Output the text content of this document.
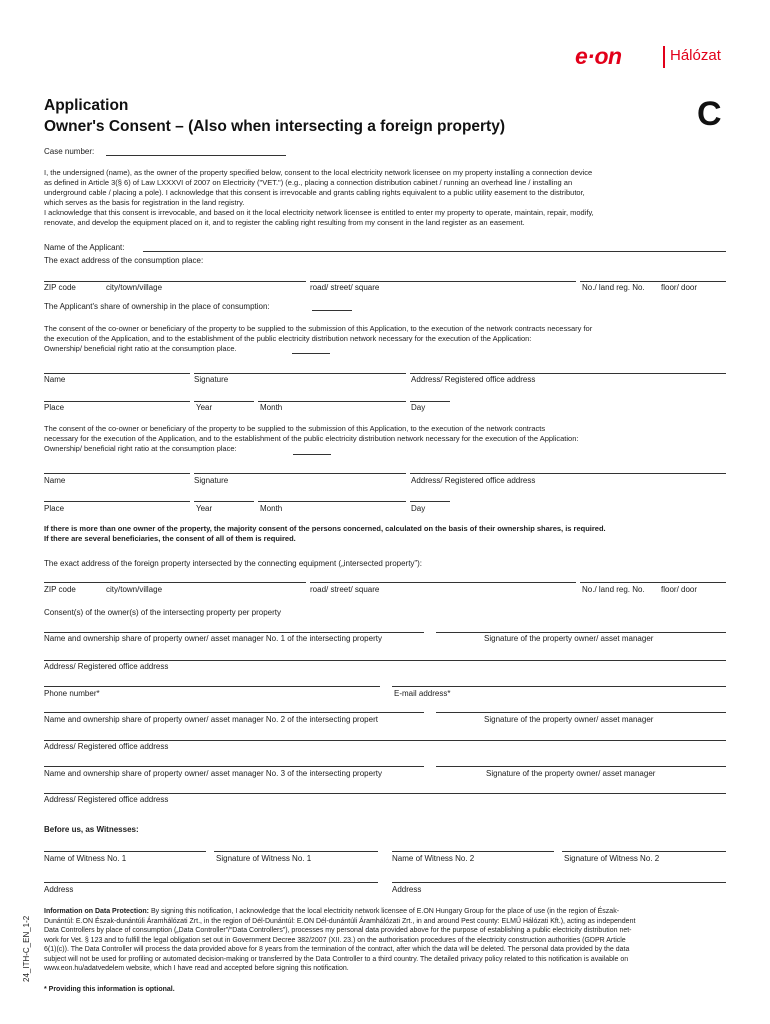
e·on	Hálózat
Application
Owner's Consent – (Also when intersecting a foreign property)	C
Case number:
I, the undersigned (name), as the owner of the property specified below, consent to the local electricity network licensee on my property installing a connection device
as defined in Article 3(§ 6) of Law LXXXVI of 2007 on Electricity ("VET.") (e.g., placing a connection distribution cabinet / running an overhead line / installing an
underground cable / placing a pole). I acknowledge that this consent is irrevocable and grants cabling rights equivalent to a public utility easement to the distributor,
which serves as the basis for registration in the land registry.
I acknowledge that this consent is irrevocable, and based on it the local electricity network licensee is entitled to enter my property to operate, maintain, repair, modify,
renovate, and develop the equipment placed on it, and to register the cabling right resulting from my consent in the land register as an easement.
Name of the Applicant:
The exact address of the consumption place:
ZIP code	city/town/village	road/ street/ square	No./ land reg. No. floor/ door
The Applicant's share of ownership in the place of consumption:
The consent of the co-owner or beneficiary of the property to be supplied to the submission of this Application, to the execution of the network contracts necessary for
the execution of the Application, and to the establishment of the public electricity distribution network necessary for the execution of the Application:
Ownership/ beneficial right ratio at the consumption place.
Name	Signature	Address/ Registered office address
Place	Year	Month	Day
The consent of the co-owner or beneficiary of the property to be supplied to the submission of this Application, to the execution of the network contracts
necessary for the execution of the Application, and to the establishment of the public electricity distribution network necessary for the execution of the Application:
Ownership/ beneficial right ratio at the consumption place:
Name	Signature	Address/ Registered office address
Place	Year	Month	Day
If there is more than one owner of the property, the majority consent of the persons concerned, calculated on the basis of their ownership shares, is required.
If there are several beneficiaries, the consent of all of them is required.
The exact address of the foreign property intersected by the connecting equipment („intersected property”):
ZIP code	city/town/village	road/ street/ square	No./ land reg. No. floor/ door
Consent(s) of the owner(s) of the intersecting property per property
Name and ownership share of property owner/ asset manager No. 1 of the intersecting property	Signature of the property owner/ asset manager
Address/ Registered office address
Phone number*	E-mail address*
Name and ownership share of property owner/ asset manager No. 2 of the intersecting propert	Signature of the property owner/ asset manager
Address/ Registered office address
Name and ownership share of property owner/ asset manager No. 3 of the intersecting property	Signature of the property owner/ asset manager
Address/ Registered office address
Before us, as Witnesses:
Name of Witness No. 1	Signature of Witness No. 1	Name of Witness No. 2	Signature of Witness No. 2
Address	Address
Information on Data Protection: By signing this notification, I acknowledge that the local electricity network licensee of E.ON Hungary Group for the place of use (in the region of Észak-
Dunántúl: E.ON Észak-dunántúli Áramhálózati Zrt., in the region of Dél-Dunántúl: E.ON Dél-dunántúli Áramhálózati Zrt., in and around Pest county: ELMŰ Hálózati Kft.), acting as independent
Data Controllers by place of consumption („Data Controller”/“Data Controllers”), processes my personal data provided above for the purpose of establishing a public electricity distribution net-
work for Vet. § 123 and to fulfill the legal obligation set out in Government Decree 382/2007 (XII. 23.) on the authorisation procedures of the electricity construction authorities (GDPR Article
6(1)(c)). The Data Controller will process the data provided above for 8 years from the termination of the contract, after which the data will be deleted. The personal data provided by the data
subject will not be used for profiling or automated decision-making or transferred by the Data Controller to a third country. The detailed privacy policy related to this notification is available on
www.eon.hu/adatvedelem website, which I have read and accepted before signing this notification.
* Providing this information is optional.
24_ITH-C_EN_1-2
